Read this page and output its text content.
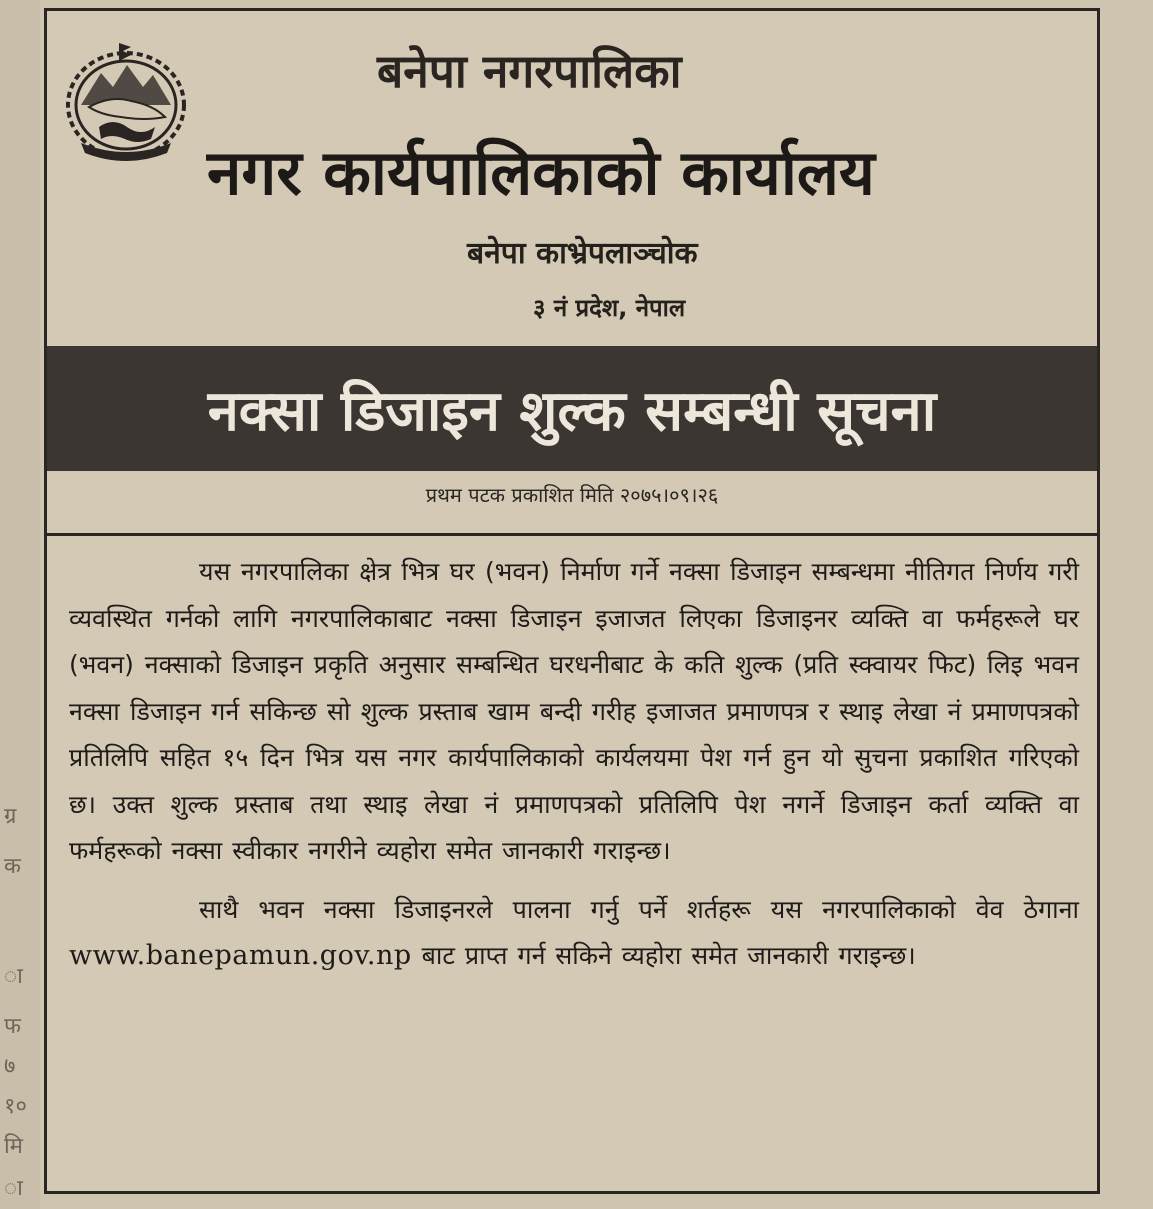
ग्र
क
ा
फ
७
१०
मि
ा
बनेपा नगरपालिका
नगर कार्यपालिकाको कार्यालय
बनेपा काभ्रेपलाञ्चोक
३ नं प्रदेश, नेपाल
नक्सा डिजाइन शुल्क सम्बन्धी सूचना
प्रथम पटक प्रकाशित मिति २०७५।०९।२६

यस नगरपालिका क्षेत्र भित्र घर (भवन) निर्माण गर्ने नक्सा डिजाइन सम्बन्धमा नीतिगत निर्णय गरी व्यवस्थित गर्नको लागि नगरपालिकाबाट नक्सा डिजाइन इजाजत लिएका डिजाइनर व्यक्ति वा फर्महरूले घर (भवन) नक्साको डिजाइन प्रकृति अनुसार सम्बन्धित घरधनीबाट के कति शुल्क (प्रति स्क्वायर फिट) लिइ भवन नक्सा डिजाइन गर्न सकिन्छ सो शुल्क प्रस्ताब खाम बन्दी गरीह इजाजत प्रमाणपत्र र स्थाइ लेखा नं प्रमाणपत्रको प्रतिलिपि सहित १५ दिन भित्र यस नगर कार्यपालिकाको कार्यलयमा पेश गर्न हुन यो सुचना प्रकाशित गरिएको छ। उक्त शुल्क प्रस्ताब तथा स्थाइ लेखा नं प्रमाणपत्रको प्रतिलिपि पेश नगर्ने डिजाइन कर्ता व्यक्ति वा फर्महरूको नक्सा स्वीकार नगरीने व्यहोरा समेत जानकारी गराइन्छ।

साथै भवन नक्सा डिजाइनरले पालना गर्नु पर्ने शर्तहरू यस नगरपालिकाको वेव ठेगाना www.banepamun.gov.np बाट प्राप्त गर्न सकिने व्यहोरा समेत जानकारी गराइन्छ।
